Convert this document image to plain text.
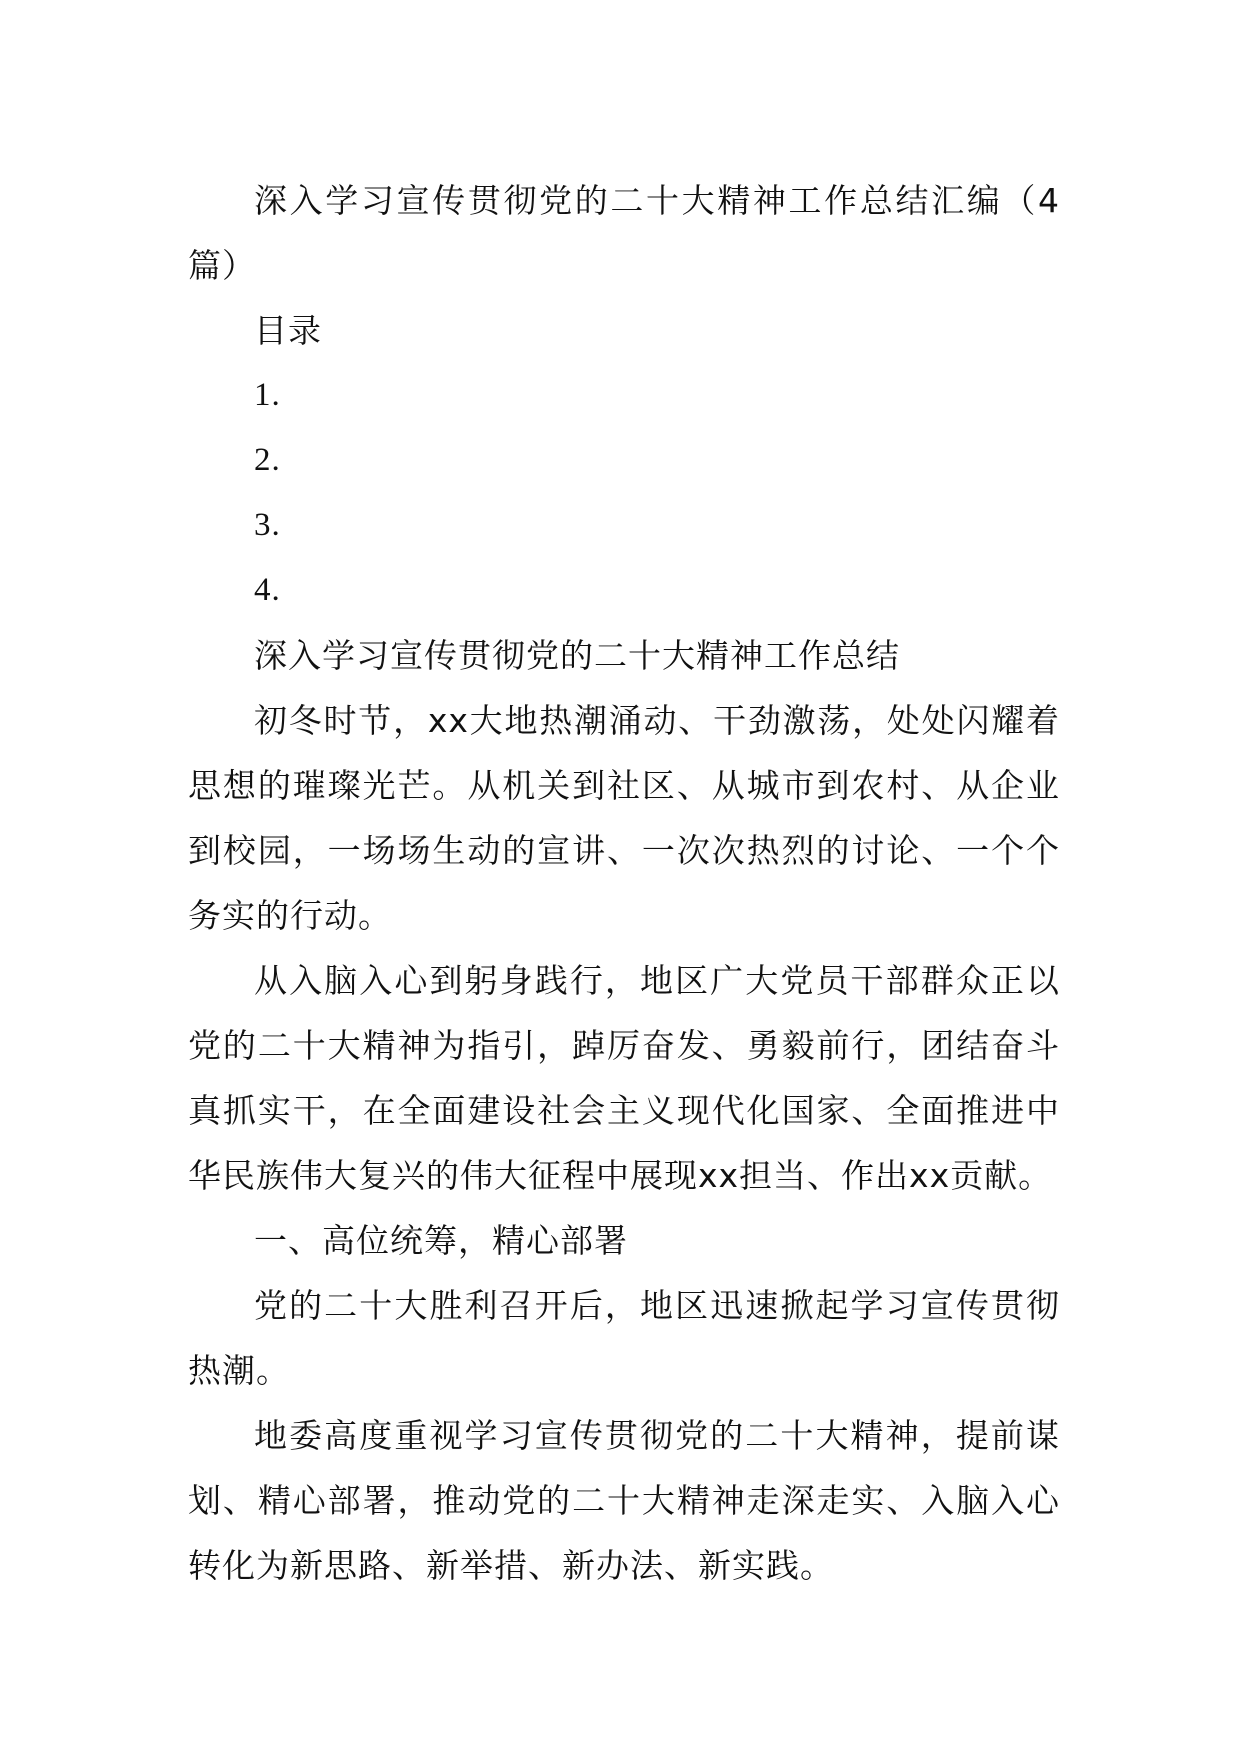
深入学习宣传贯彻党的二十大精神工作总结汇编（4篇）

目录

1.

2.

3.

4.

深入学习宣传贯彻党的二十大精神工作总结

初冬时节，xx大地热潮涌动、干劲激荡，处处闪耀着思想的璀璨光芒。从机关到社区、从城市到农村、从企业到校园，一场场生动的宣讲、一次次热烈的讨论、一个个务实的行动。

从入脑入心到躬身践行，地区广大党员干部群众正以党的二十大精神为指引，踔厉奋发、勇毅前行，团结奋斗真抓实干，在全面建设社会主义现代化国家、全面推进中华民族伟大复兴的伟大征程中展现xx担当、作出xx贡献。

一、高位统筹，精心部署

党的二十大胜利召开后，地区迅速掀起学习宣传贯彻热潮。

地委高度重视学习宣传贯彻党的二十大精神，提前谋划、精心部署，推动党的二十大精神走深走实、入脑入心转化为新思路、新举措、新办法、新实践。
